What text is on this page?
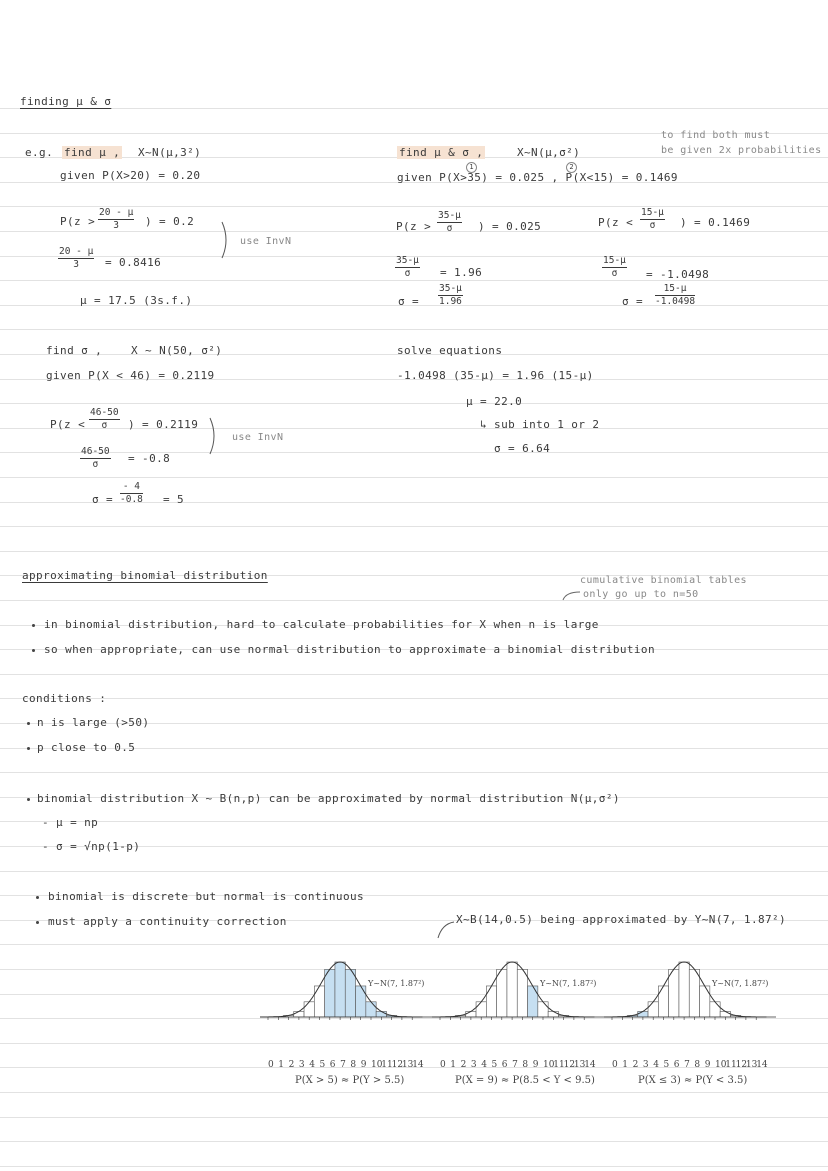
finding μ & σ
e.g. find μ , X~N(μ,3²)
given P(X>20) = 0.20
$P(z > \frac{20 - \mu}{3}$ ) = 0.2
use InvN
$\frac{20 - \mu}{3} = 0.8416$
μ = 17.5 (3s.f.)
find σ ,	X ~ N(50, σ²)
given P(X < 46) = 0.2119
$P(z < \frac{46-50}{\sigma}$ ) = 0.2119
use InvN
$\frac{46-50}{\sigma} = -0.8$
$\sigma = \frac{- 4}{-0.8} = 5$
find μ & σ ,	X~N(μ,σ²)
given P(X>35) = 0.025 , P(X<15) = 0.1469
1	2
to find both must
be given 2x probabilities
$P(z > \frac{35-\mu}{\sigma}$ ) = 0.025	$P(z < \frac{15-\mu}{\sigma}$ ) = 0.1469
$\frac{35-\mu}{\sigma} = 1.96$
$\sigma = \frac{35-\mu}{1.96}$
$\frac{15-\mu}{\sigma} = -1.0498$
$\sigma = \frac{15-\mu}{-1.0498}$
solve equations
-1.0498 (35-μ) = 1.96 (15-μ)
μ = 22.0
↳ sub into 1 or 2
σ = 6.64
approximating binomial distribution	cumulative binomial tables
only go up to n=50
in binomial distribution, hard to calculate probabilities for X when n is large
so when appropriate, can use normal distribution to approximate a binomial distribution
conditions :
n is large (>50)
p close to 0.5
binomial distribution X ~ B(n,p) can be approximated by normal distribution N(μ,σ²)
- μ = np
- σ = √np(1-p)
binomial is discrete but normal is continuous
must apply a continuity correction	X~B(14,0.5) being approximated by Y~N(7, 1.87²)
0 1 2 3 4 5 6 7 8 9 10
11
12
13
14 0 1 2 3 4 5 6 7 8 9 10
11
12
13
14 0 1 2 3 4 5 6 7 8 9 10
11
12
13
14
Y~N(7, 1.87²)	Y~N(7, 1.87²)	Y~N(7, 1.87²)
P(X > 5) ≈ P(Y > 5.5)	P(X = 9) ≈ P(8.5 < Y < 9.5)	P(X ≤ 3) ≈ P(Y < 3.5)
